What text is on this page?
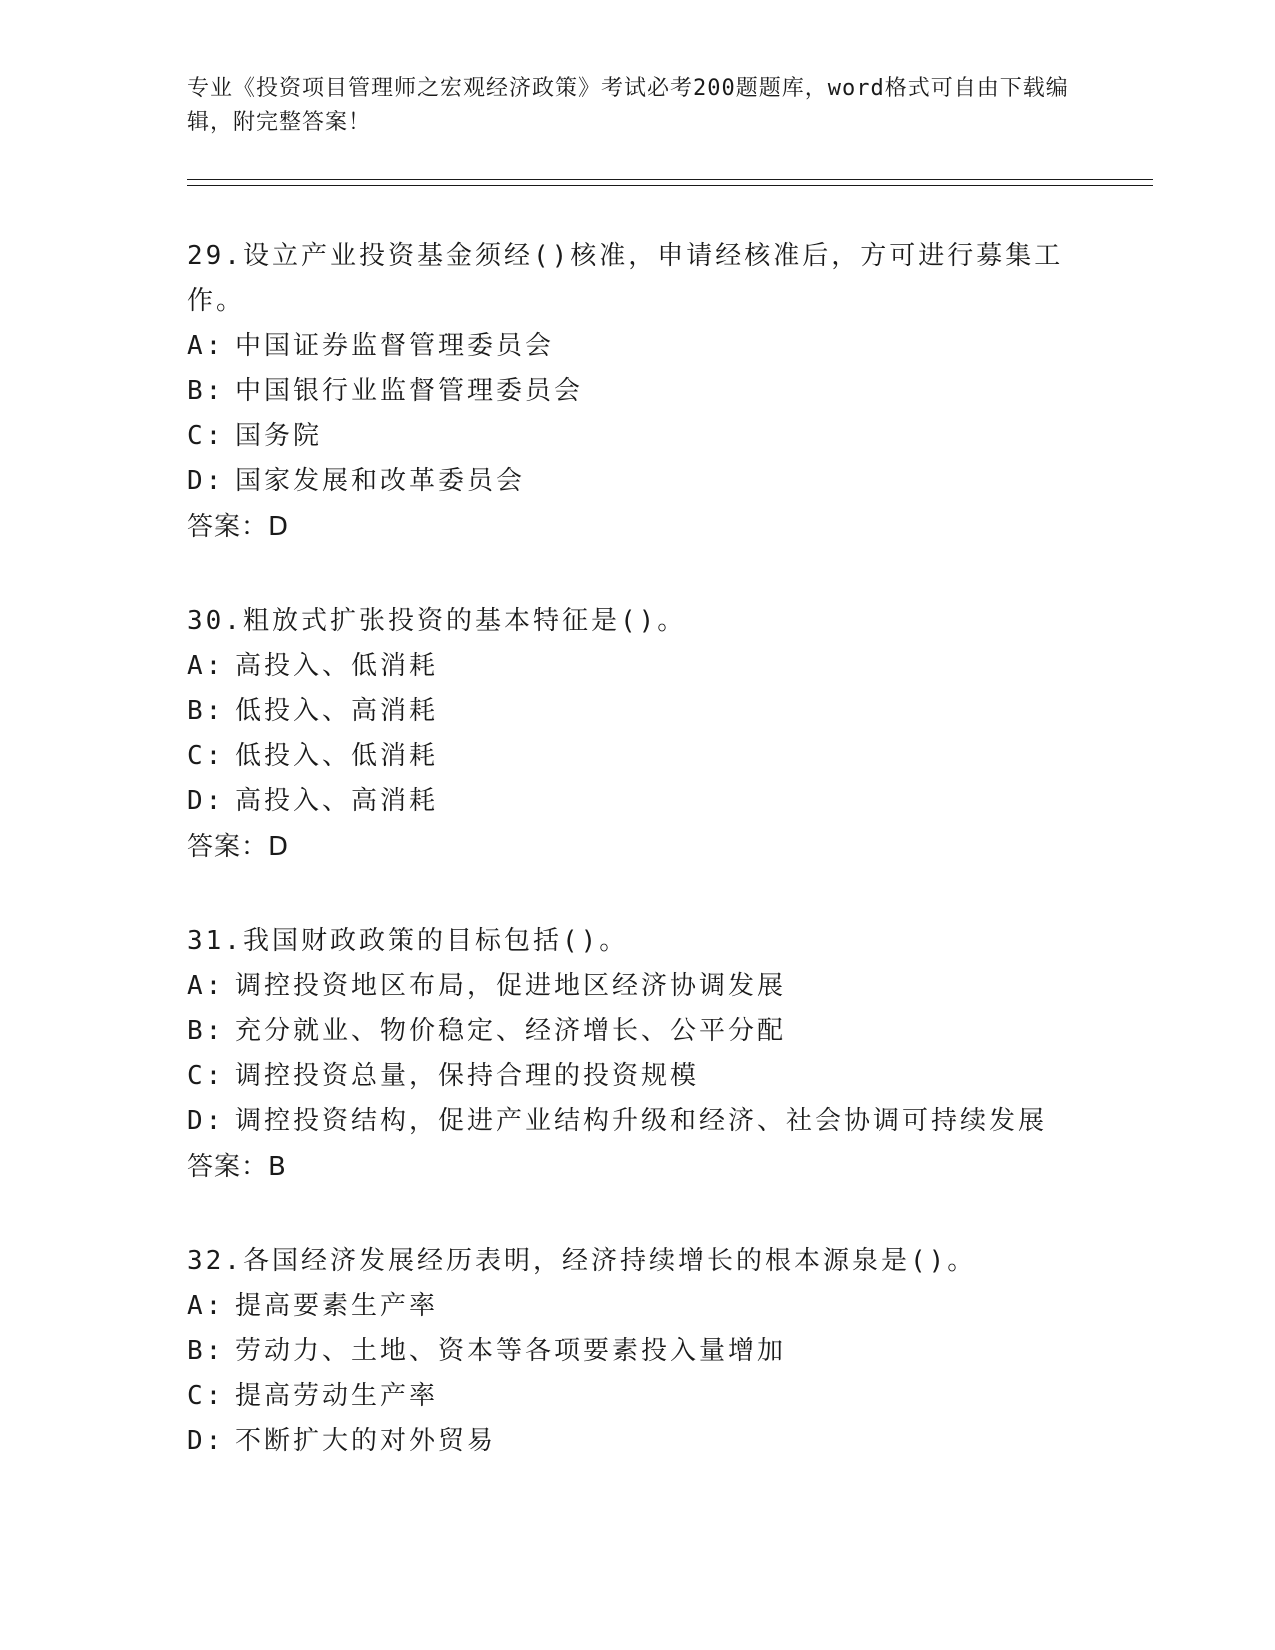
专业《投资项目管理师之宏观经济政策》考试必考200题题库，word格式可自由下载编辑，附完整答案！
29.设立产业投资基金须经()核准，申请经核准后，方可进行募集工作。
A: 中国证券监督管理委员会
B: 中国银行业监督管理委员会
C: 国务院
D: 国家发展和改革委员会
答案：D
30.粗放式扩张投资的基本特征是()。
A: 高投入、低消耗
B: 低投入、高消耗
C: 低投入、低消耗
D: 高投入、高消耗
答案：D
31.我国财政政策的目标包括()。
A: 调控投资地区布局，促进地区经济协调发展
B: 充分就业、物价稳定、经济增长、公平分配
C: 调控投资总量，保持合理的投资规模
D: 调控投资结构，促进产业结构升级和经济、社会协调可持续发展
答案：B
32.各国经济发展经历表明，经济持续增长的根本源泉是()。
A: 提高要素生产率
B: 劳动力、土地、资本等各项要素投入量增加
C: 提高劳动生产率
D: 不断扩大的对外贸易
